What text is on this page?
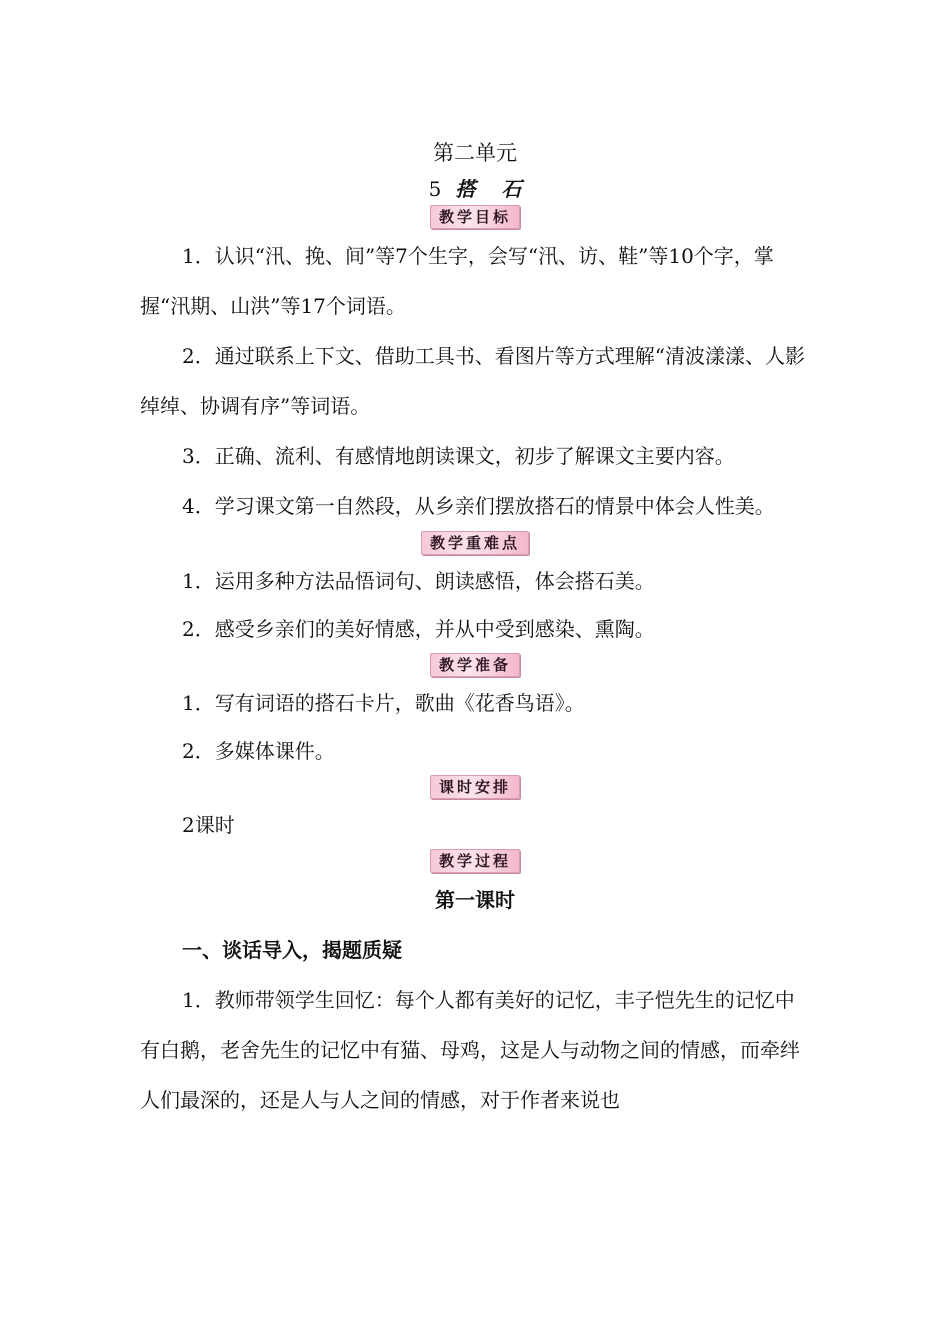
第二单元
5 搭 石
教学目标

1．认识“汛、挽、间”等7个生字，会写“汛、访、鞋”等10个字，掌握“汛期、山洪”等17个词语。

2．通过联系上下文、借助工具书、看图片等方式理解“清波漾漾、人影绰绰、协调有序”等词语。

3．正确、流利、有感情地朗读课文，初步了解课文主要内容。

4．学习课文第一自然段，从乡亲们摆放搭石的情景中体会人性美。

教学重难点

1．运用多种方法品悟词句、朗读感悟，体会搭石美。

2．感受乡亲们的美好情感，并从中受到感染、熏陶。

教学准备

1．写有词语的搭石卡片，歌曲《花香鸟语》。

2．多媒体课件。

课时安排

2课时

教学过程
第一课时

一、谈话导入，揭题质疑

1．教师带领学生回忆：每个人都有美好的记忆，丰子恺先生的记忆中有白鹅，老舍先生的记忆中有猫、母鸡，这是人与动物之间的情感，而牵绊人们最深的，还是人与人之间的情感，对于作者来说也
